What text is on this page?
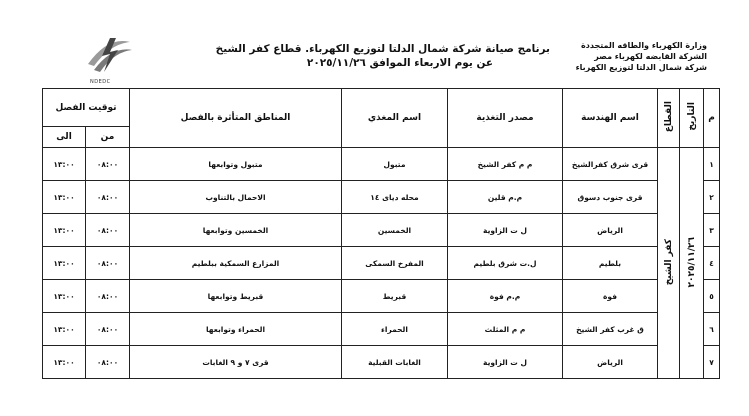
وزارة الكهرباء والطاقه المتجددة
الشركة القابضه لكهرباء مصر
شركة شمال الدلتا لتوزيع الكهرباء
برنامج صيانة شركة شمال الدلتا لتوزيع الكهرباء. قطاع كفر الشيخ
عن يوم الاربعاء الموافق ٢٠٢٥/١١/٢٦
NDEDC
م	التاريخ	القطاع	اسم الهندسة	مصدر التغذية	اسم المغذي	المناطق المتأثرة بالفصل	توقيت الفصل	
							من	الى
١	٢٠٢٥/١١/٢٦	كفر الشيخ	قرى شرق كفرالشيخ	م م كفر الشيخ	متبول	متبول وتوابعها	٠٨:٠٠	١٣:٠٠
٢			قرى جنوب دسوق	م.م قلين	محله دياى ١٤	الاحمال بالتناوب	٠٨:٠٠	١٣:٠٠
٣			الرياض	ل ت الزاوية	الخمسين	الخمسين وتوابعها	٠٨:٠٠	١٣:٠٠
٤			بلطيم	ل.ت شرق بلطيم	المفرخ السمكى	المزارع السمكية ببلطيم	٠٨:٠٠	١٣:٠٠
٥			فوة	م.م فوة	قبريط	قبريط وتوابعها	٠٨:٠٠	١٣:٠٠
٦			ق غرب كفر الشيخ	م م المثلث	الحمراء	الحمراء وتوابعها	٠٨:٠٠	١٣:٠٠
٧			الرياض	ل ت الزاوية	الغابات القبلية	قرى ٧ و ٩ الغابات	٠٨:٠٠	١٣:٠٠
